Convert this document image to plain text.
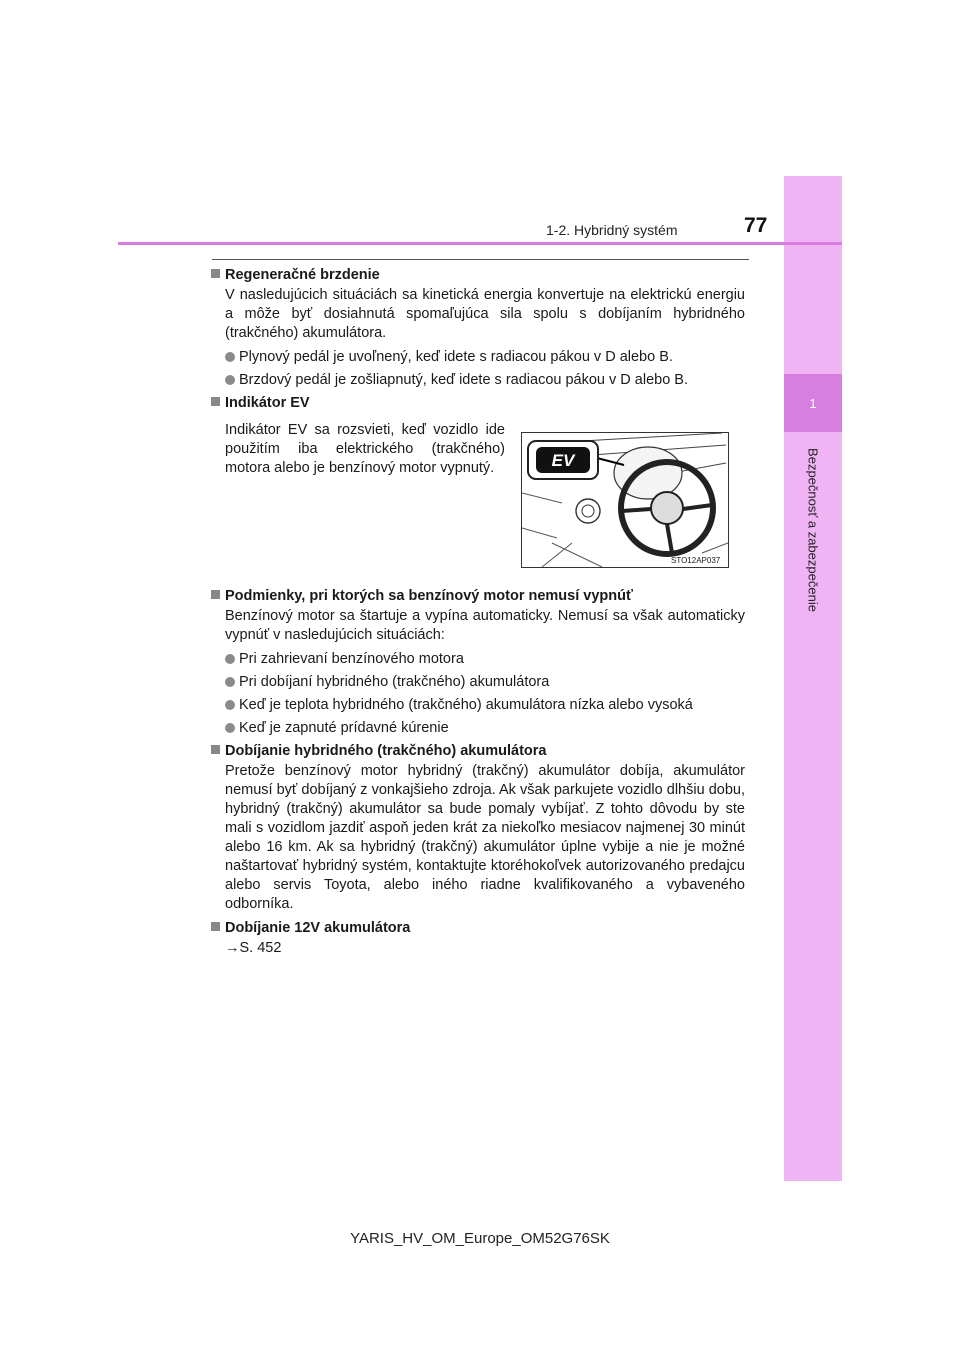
1
Bezpečnosť a zabezpečenie
1-2. Hybridný systém	77
Regeneračné brzdenie
V nasledujúcich situáciách sa kinetická energia konvertuje na elektrickú energiu a môže byť dosiahnutá spomaľujúca sila spolu s dobíjaním hybridného (trakčného) akumulátora.
Plynový pedál je uvoľnený, keď idete s radiacou pákou v D alebo B.
Brzdový pedál je zošliapnutý, keď idete s radiacou pákou v D alebo B.
Indikátor EV
Indikátor EV sa rozsvieti, keď vozidlo ide použitím iba elektrického (trakčného) motora alebo je benzínový motor vypnutý.	EV
STO12AP037
Podmienky, pri ktorých sa benzínový motor nemusí vypnúť
Benzínový motor sa štartuje a vypína automaticky. Nemusí sa však automaticky vypnúť v nasledujúcich situáciách:
Pri zahrievaní benzínového motora
Pri dobíjaní hybridného (trakčného) akumulátora
Keď je teplota hybridného (trakčného) akumulátora nízka alebo vysoká
Keď je zapnuté prídavné kúrenie
Dobíjanie hybridného (trakčného) akumulátora
Pretože benzínový motor hybridný (trakčný) akumulátor dobíja, akumulátor nemusí byť dobíjaný z vonkajšieho zdroja. Ak však parkujete vozidlo dlhšiu dobu, hybridný (trakčný) akumulátor sa bude pomaly vybíjať. Z tohto dôvodu by ste mali s vozidlom jazdiť aspoň jeden krát za niekoľko mesiacov najmenej 30 minút alebo 16 km. Ak sa hybridný (trakčný) akumulátor úplne vybije a nie je možné naštartovať hybridný systém, kontaktujte ktoréhokoľvek autorizovaného predajcu alebo servis Toyota, alebo iného riadne kvalifikovaného a vybaveného odborníka.
Dobíjanie 12V akumulátora
→S. 452
YARIS_HV_OM_Europe_OM52G76SK
